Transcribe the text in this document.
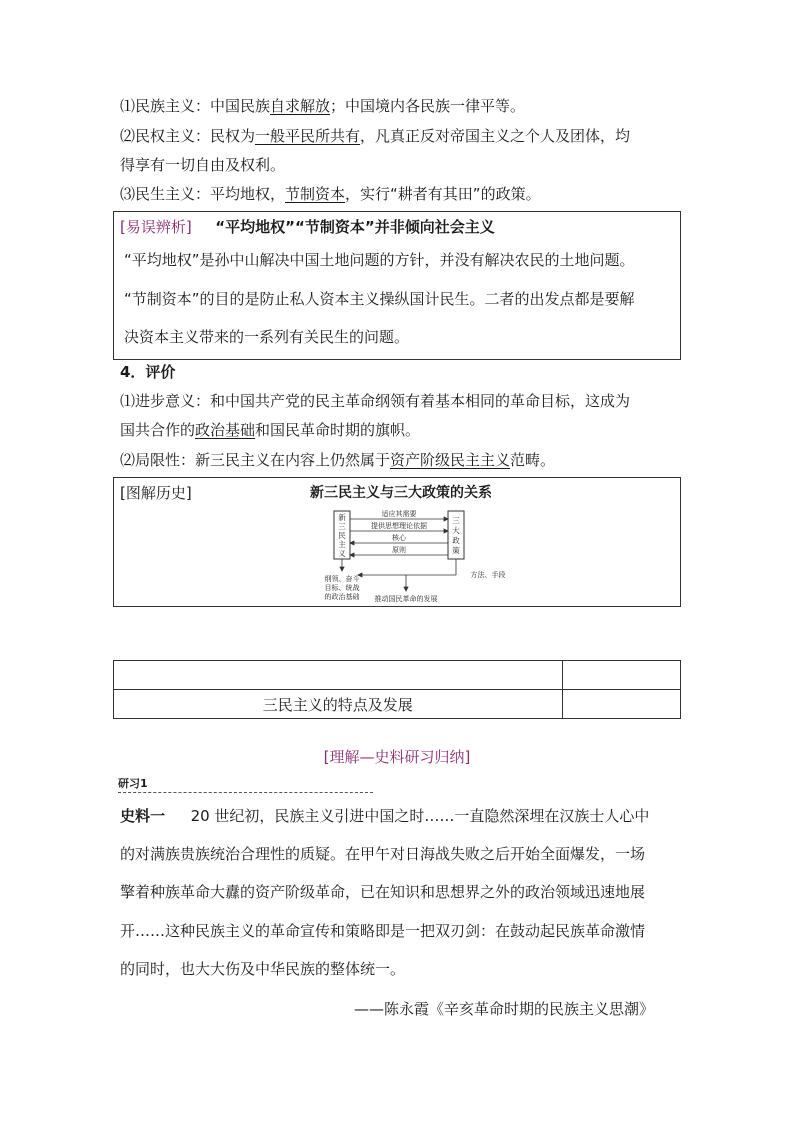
⑴民族主义：中国民族自求解放；中国境内各民族一律平等。
⑵民权主义：民权为一般平民所共有，凡真正反对帝国主义之个人及团体，均
得享有一切自由及权利。
⑶民生主义：平均地权，节制资本，实行“耕者有其田”的政策。
[易误辨析] “平均地权”“节制资本”并非倾向社会主义
“平均地权”是孙中山解决中国土地问题的方针，并没有解决农民的土地问题。
“节制资本”的目的是防止私人资本主义操纵国计民生。二者的出发点都是要解
决资本主义带来的一系列有关民生的问题。
4．评价
⑴进步意义：和中国共产党的民主革命纲领有着基本相同的革命目标，这成为
国共合作的政治基础和国民革命时期的旗帜。
⑵局限性：新三民主义在内容上仍然属于资产阶级民主主义范畴。
[图解历史]	新三民主义与三大政策的关系
新
三
民
主
义
三
大
政
策
适应其需要
提供思想理论依据
核心
原则
纲领、奋斗
目标、统战
的政治基础
方法、手段
推动国民革命的发展

三民主义的特点及发展	
[理解—史料研习归纳]
研习1
史料一 20 世纪初，民族主义引进中国之时……一直隐然深埋在汉族士人心中
的对满族贵族统治合理性的质疑。在甲午对日海战失败之后开始全面爆发，一场
擎着种族革命大纛的资产阶级革命，已在知识和思想界之外的政治领域迅速地展
开……这种民族主义的革命宣传和策略即是一把双刃剑：在鼓动起民族革命激情
的同时，也大大伤及中华民族的整体统一。
——陈永霞《辛亥革命时期的民族主义思潮》
